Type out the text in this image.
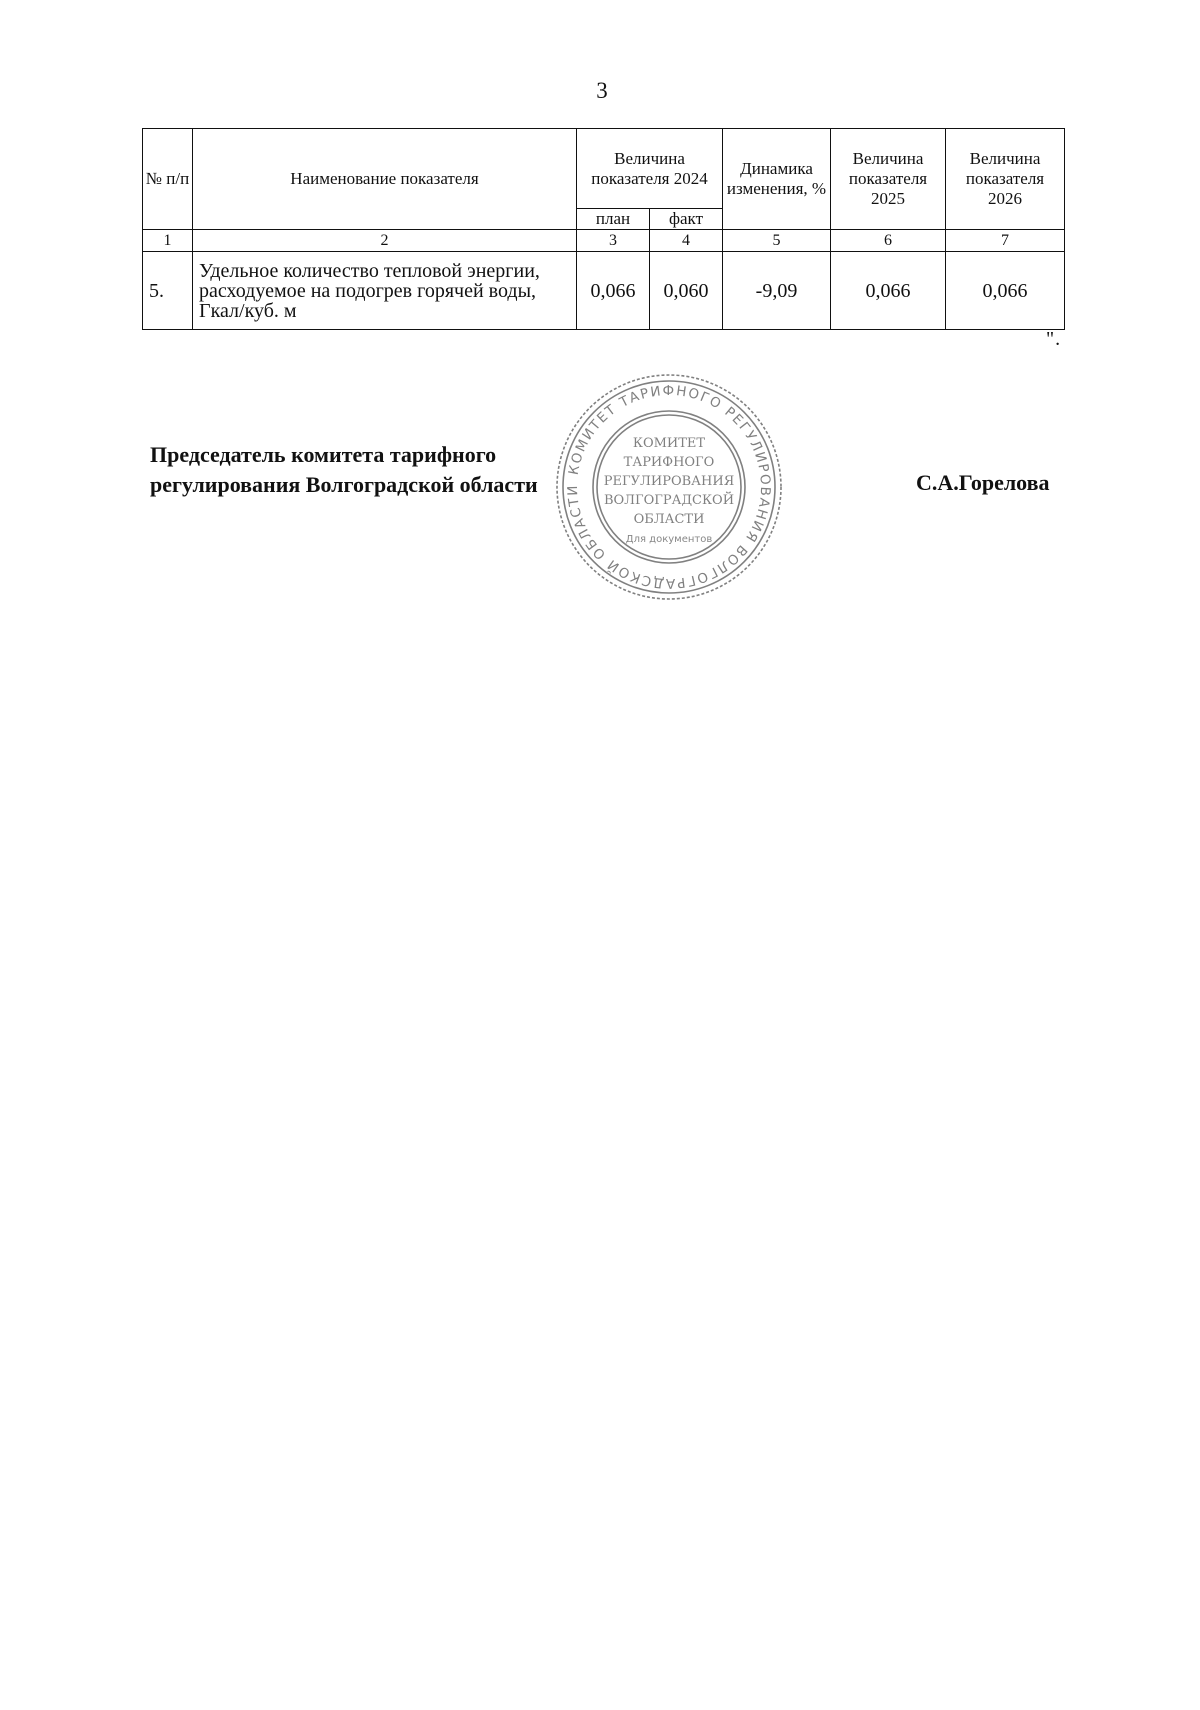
3
№ п/п	Наименование показателя	Величина показателя 2024		Динамика изменения, %	Величина показателя 2025	Величина показателя 2026
		план	факт			
1	2	3	4	5	6	7
5.	Удельное количество тепловой энергии, расходуемое на подогрев горячей воды, Гкал/куб. м	0,066	0,060	-9,09	0,066	0,066
".
Председатель комитета тарифного
регулирования Волгоградской области	С.А.Горелова
КОМИТЕТ ТАРИФНОГО РЕГУЛИРОВАНИЯ ВОЛГОГРАДСКОЙ ОБЛАСТИ
КОМИТЕТ ТАРИФНОГО РЕГУЛИРОВАНИЯ ВОЛГОГРАДСКОЙ ОБЛАСТИ
Для документов
